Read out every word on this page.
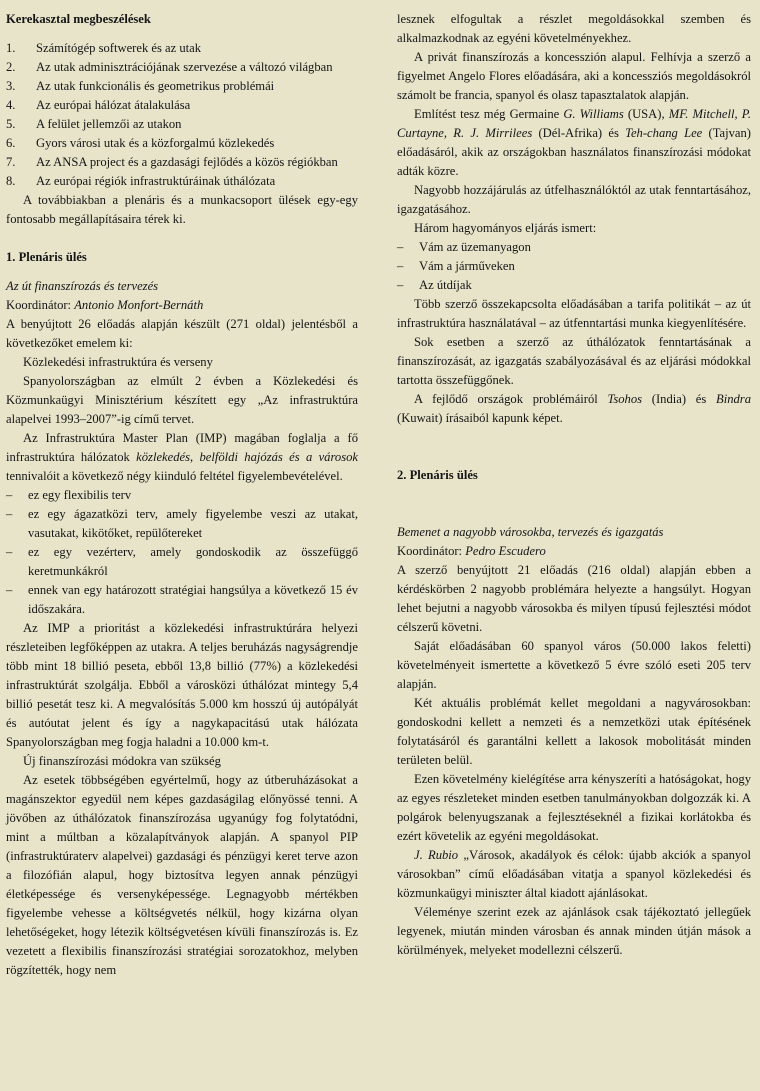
Kerekasztal megbeszélések

1.	Számítógép softwerek és az utak
2.	Az utak adminisztrációjának szervezése a változó világban
3.	Az utak funkcionális és geometrikus problémái
4.	Az európai hálózat átalakulása
5.	A felület jellemzői az utakon
6.	Gyors városi utak és a közforgalmú közlekedés
7.	Az ANSA project és a gazdasági fejlődés a közös régiókban
8.	Az európai régiók infrastruktúráinak úthálózata

A továbbiakban a plenáris és a munkacsoport ülések egy-egy fontosabb megállapításaira térek ki.

1. Plenáris ülés

Az út finanszírozás és tervezés

Koordinátor: Antonio Monfort-Bernáth

A benyújtott 26 előadás alapján készült (271 oldal) jelentésből a következőket emelem ki:

Közlekedési infrastruktúra és verseny

Spanyolországban az elmúlt 2 évben a Közlekedési és Közmunkaügyi Minisztérium készített egy „Az infrastruktúra alapelvei 1993–2007”-ig című tervet.

Az Infrastruktúra Master Plan (IMP) magában foglalja a fő infrastruktúra hálózatok közlekedés, belföldi hajózás és a városok tennivalóit a következő négy kiinduló feltétel figyelembevételével.

–	ez egy flexibilis terv
–	ez egy ágazatközi terv, amely figyelembe veszi az utakat, vasutakat, kikötőket, repülőtereket
–	ez egy vezérterv, amely gondoskodik az összefüggő keretmunkákról
–	ennek van egy határozott stratégiai hangsúlya a következő 15 év időszakára.

Az IMP a prioritást a közlekedési infrastruktúrára helyezi részleteiben legfőképpen az utakra. A teljes beruházás nagyságrendje több mint 18 billió peseta, ebből 13,8 billió (77%) a közlekedési infrastruktúrát szolgálja. Ebből a városközi úthálózat mintegy 5,4 billió pesetát tesz ki. A megvalósítás 5.000 km hosszú új autópályát és autóutat jelent és így a nagykapacitású utak hálózata Spanyolországban meg fogja haladni a 10.000 km-t.

Új finanszírozási módokra van szükség

Az esetek többségében egyértelmű, hogy az útberuházásokat a magánszektor egyedül nem képes gazdaságilag előnyössé tenni. A jövőben az úthálózatok finanszírozása ugyanúgy fog folytatódni, mint a múltban a közalapítványok alapján. A spanyol PIP (infrastruktúraterv alapelvei) gazdasági és pénzügyi keret terve azon a filozófián alapul, hogy biztosítva legyen annak pénzügyi életképessége és versenyképessége. Legnagyobb mértékben figyelembe vehesse a költségvetés nélkül, hogy kizárna olyan lehetőségeket, hogy létezik költségvetésen kívüli finanszírozás is. Ez vezetett a flexibilis finanszírozási stratégiai sorozatokhoz, melyben rögzítették, hogy nem

lesznek elfogultak a részlet megoldásokkal szemben és alkalmazkodnak az egyéni követelményekhez.

A privát finanszírozás a koncesszión alapul. Felhívja a szerző a figyelmet Angelo Flores előadására, aki a koncessziós megoldásokról számolt be francia, spanyol és olasz tapasztalatok alapján.

Említést tesz még Germaine G. Williams (USA), MF. Mitchell, P. Curtayne, R. J. Mirrilees (Dél-Afrika) és Teh-chang Lee (Tajvan) előadásáról, akik az országokban használatos finanszírozási módokat adták közre.

Nagyobb hozzájárulás az útfelhasználóktól az utak fenntartásához, igazgatásához.

Három hagyományos eljárás ismert:

–	Vám az üzemanyagon
–	Vám a járműveken
–	Az útdíjak

Több szerző összekapcsolta előadásában a tarifa politikát – az út infrastruktúra használatával – az útfenntartási munka kiegyenlítésére.

Sok esetben a szerző az úthálózatok fenntartásának a finanszírozását, az igazgatás szabályozásával és az eljárási módokkal tartotta összefüggőnek.

A fejlődő országok problémáiról Tsohos (India) és Bindra (Kuwait) írásaiból kapunk képet.

2. Plenáris ülés

Bemenet a nagyobb városokba, tervezés és igazgatás

Koordinátor: Pedro Escudero

A szerző benyújtott 21 előadás (216 oldal) alapján ebben a kérdéskörben 2 nagyobb problémára helyezte a hangsúlyt. Hogyan lehet bejutni a nagyobb városokba és milyen típusú fejlesztési módot célszerű követni.

Saját előadásában 60 spanyol város (50.000 lakos feletti) követelményeit ismertette a következő 5 évre szóló eseti 205 terv alapján.

Két aktuális problémát kellet megoldani a nagyvárosokban: gondoskodni kellett a nemzeti és a nemzetközi utak építésének folytatásáról és garantálni kellett a lakosok mobolitását minden területen belül.

Ezen követelmény kielégítése arra kényszeríti a hatóságokat, hogy az egyes részleteket minden esetben tanulmányokban dolgozzák ki. A polgárok belenyugszanak a fejlesztéseknél a fizikai korlátokba és ezért követelik az egyéni megoldásokat.

J. Rubio „Városok, akadályok és célok: újabb akciók a spanyol városokban” című előadásában vitatja a spanyol közlekedési és közmunkaügyi miniszter által kiadott ajánlásokat.

Véleménye szerint ezek az ajánlások csak tájékoztató jellegűek legyenek, miután minden városban és annak minden útján mások a körülmények, melyeket modellezni célszerű.
